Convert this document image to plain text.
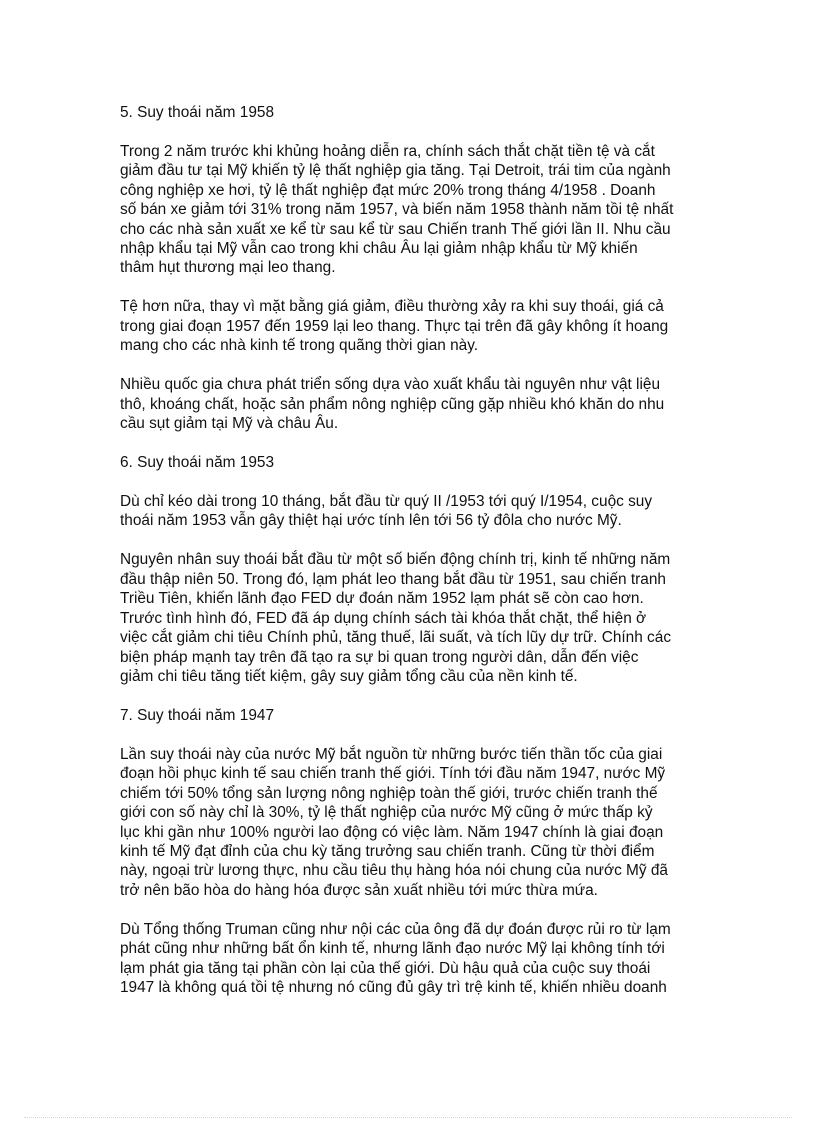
5. Suy thoái năm 1958

Trong 2 năm trước khi khủng hoảng diễn ra, chính sách thắt chặt tiền tệ và cắt
giảm đầu tư tại Mỹ khiến tỷ lệ thất nghiệp gia tăng. Tại Detroit, trái tim của ngành
công nghiệp xe hơi, tỷ lệ thất nghiệp đạt mức 20% trong tháng 4/1958 . Doanh
số bán xe giảm tới 31% trong năm 1957, và biến năm 1958 thành năm tồi tệ nhất
cho các nhà sản xuất xe kể từ sau kể từ sau Chiến tranh Thế giới lần II. Nhu cầu
nhập khẩu tại Mỹ vẫn cao trong khi châu Âu lại giảm nhập khẩu từ Mỹ khiến
thâm hụt thương mại leo thang.

Tệ hơn nữa, thay vì mặt bằng giá giảm, điều thường xảy ra khi suy thoái, giá cả
trong giai đoạn 1957 đến 1959 lại leo thang. Thực tại trên đã gây không ít hoang
mang cho các nhà kinh tế trong quãng thời gian này.

Nhiều quốc gia chưa phát triển sống dựa vào xuất khẩu tài nguyên như vật liệu
thô, khoáng chất, hoặc sản phẩm nông nghiệp cũng gặp nhiều khó khăn do nhu
cầu sụt giảm tại Mỹ và châu Âu.

6. Suy thoái năm 1953

Dù chỉ kéo dài trong 10 tháng, bắt đầu từ quý II /1953 tới quý I/1954, cuộc suy
thoái năm 1953 vẫn gây thiệt hại ước tính lên tới 56 tỷ đôla cho nước Mỹ.

Nguyên nhân suy thoái bắt đầu từ một số biến động chính trị, kinh tế những năm
đầu thập niên 50. Trong đó, lạm phát leo thang bắt đầu từ 1951, sau chiến tranh
Triều Tiên, khiến lãnh đạo FED dự đoán năm 1952 lạm phát sẽ còn cao hơn.
Trước tình hình đó, FED đã áp dụng chính sách tài khóa thắt chặt, thể hiện ở
việc cắt giảm chi tiêu Chính phủ, tăng thuế, lãi suất, và tích lũy dự trữ. Chính các
biện pháp mạnh tay trên đã tạo ra sự bi quan trong người dân, dẫn đến việc
giảm chi tiêu tăng tiết kiệm, gây suy giảm tổng cầu của nền kinh tế.

7. Suy thoái năm 1947

Lần suy thoái này của nước Mỹ bắt nguồn từ những bước tiến thần tốc của giai
đoạn hồi phục kinh tế sau chiến tranh thế giới. Tính tới đầu năm 1947, nước Mỹ
chiếm tới 50% tổng sản lượng nông nghiệp toàn thế giới, trước chiến tranh thế
giới con số này chỉ là 30%, tỷ lệ thất nghiệp của nước Mỹ cũng ở mức thấp kỷ
lục khi gần như 100% người lao động có việc làm. Năm 1947 chính là giai đoạn
kinh tế Mỹ đạt đỉnh của chu kỳ tăng trưởng sau chiến tranh. Cũng từ thời điểm
này, ngoại trừ lương thực, nhu cầu tiêu thụ hàng hóa nói chung của nước Mỹ đã
trở nên bão hòa do hàng hóa được sản xuất nhiều tới mức thừa mứa.

Dù Tổng thống Truman cũng như nội các của ông đã dự đoán được rủi ro từ lạm
phát cũng như những bất ổn kinh tế, nhưng lãnh đạo nước Mỹ lại không tính tới
lạm phát gia tăng tại phần còn lại của thế giới. Dù hậu quả của cuộc suy thoái
1947 là không quá tồi tệ nhưng nó cũng đủ gây trì trệ kinh tế, khiến nhiều doanh
